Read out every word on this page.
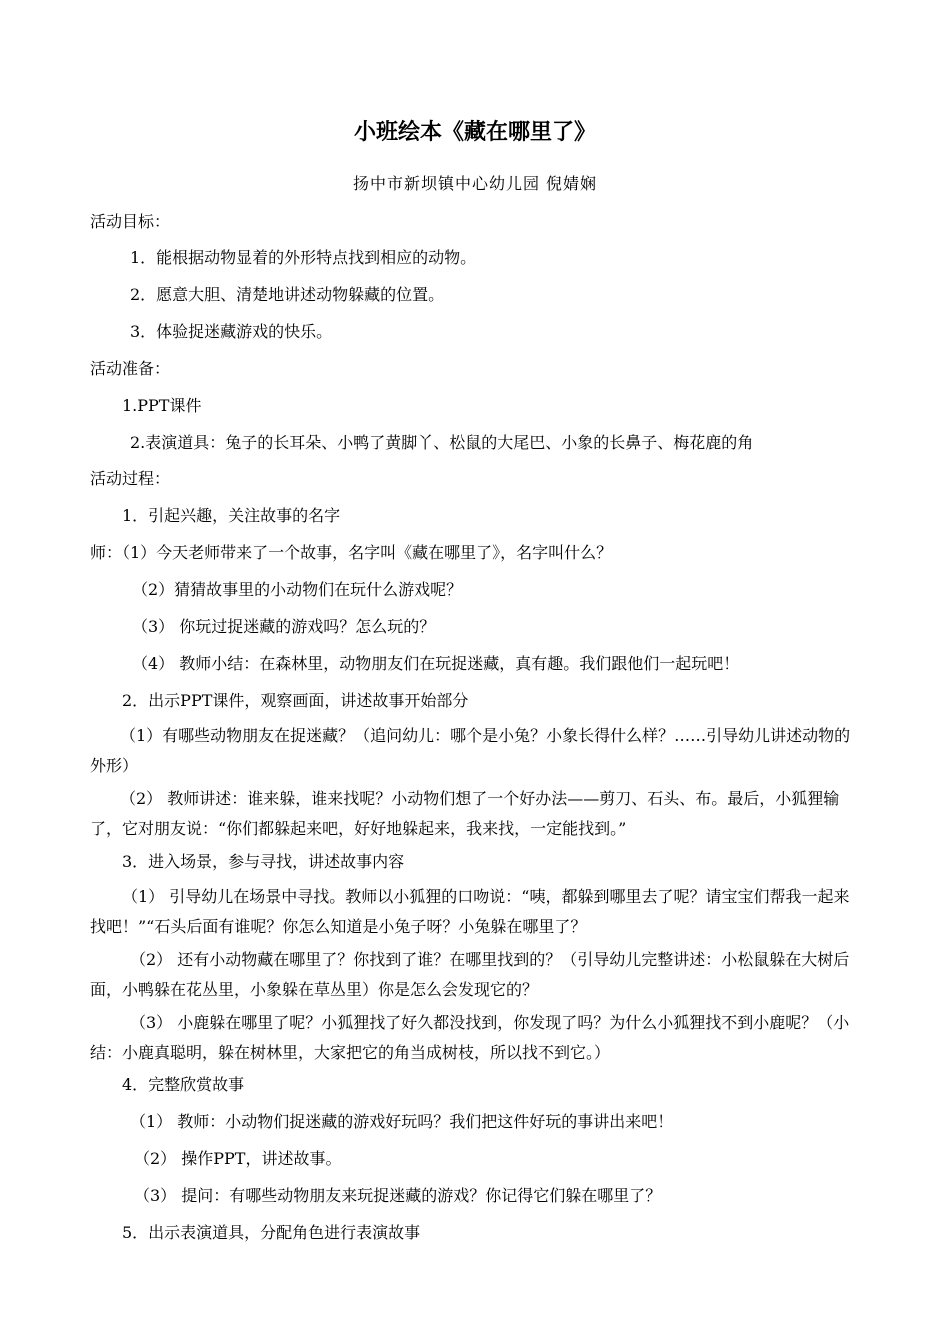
小班绘本《藏在哪里了》
扬中市新坝镇中心幼儿园 倪婧娴
活动目标：
1．能根据动物显着的外形特点找到相应的动物。
2．愿意大胆、清楚地讲述动物躲藏的位置。
3．体验捉迷藏游戏的快乐。
活动准备：
1.PPT课件
2.表演道具：兔子的长耳朵、小鸭了黄脚丫、松鼠的大尾巴、小象的长鼻子、梅花鹿的角
活动过程：
1．引起兴趣，关注故事的名字
师：（1）今天老师带来了一个故事，名字叫《藏在哪里了》，名字叫什么？
（2）猜猜故事里的小动物们在玩什么游戏呢？
（3） 你玩过捉迷藏的游戏吗？怎么玩的？
（4） 教师小结：在森林里，动物朋友们在玩捉迷藏，真有趣。我们跟他们一起玩吧！
2．出示PPT课件，观察画面，讲述故事开始部分
（1）有哪些动物朋友在捉迷藏？（追问幼儿：哪个是小兔？小象长得什么样？……引导幼儿讲述动物的外形）
（2） 教师讲述：谁来躲，谁来找呢？小动物们想了一个好办法——剪刀、石头、布。最后，小狐狸输了，它对朋友说：“你们都躲起来吧，好好地躲起来，我来找，一定能找到。”
3．进入场景，参与寻找，讲述故事内容
（1） 引导幼儿在场景中寻找。教师以小狐狸的口吻说：“咦，都躲到哪里去了呢？请宝宝们帮我一起来找吧！”“石头后面有谁呢？你怎么知道是小兔子呀？小兔躲在哪里了？
（2） 还有小动物藏在哪里了？你找到了谁？在哪里找到的？（引导幼儿完整讲述：小松鼠躲在大树后面，小鸭躲在花丛里，小象躲在草丛里）你是怎么会发现它的？
（3） 小鹿躲在哪里了呢？小狐狸找了好久都没找到，你发现了吗？为什么小狐狸找不到小鹿呢？（小结：小鹿真聪明，躲在树林里，大家把它的角当成树枝，所以找不到它。）
4．完整欣赏故事
（1） 教师：小动物们捉迷藏的游戏好玩吗？我们把这件好玩的事讲出来吧！
（2） 操作PPT，讲述故事。
（3） 提问：有哪些动物朋友来玩捉迷藏的游戏？你记得它们躲在哪里了？
5．出示表演道具，分配角色进行表演故事
